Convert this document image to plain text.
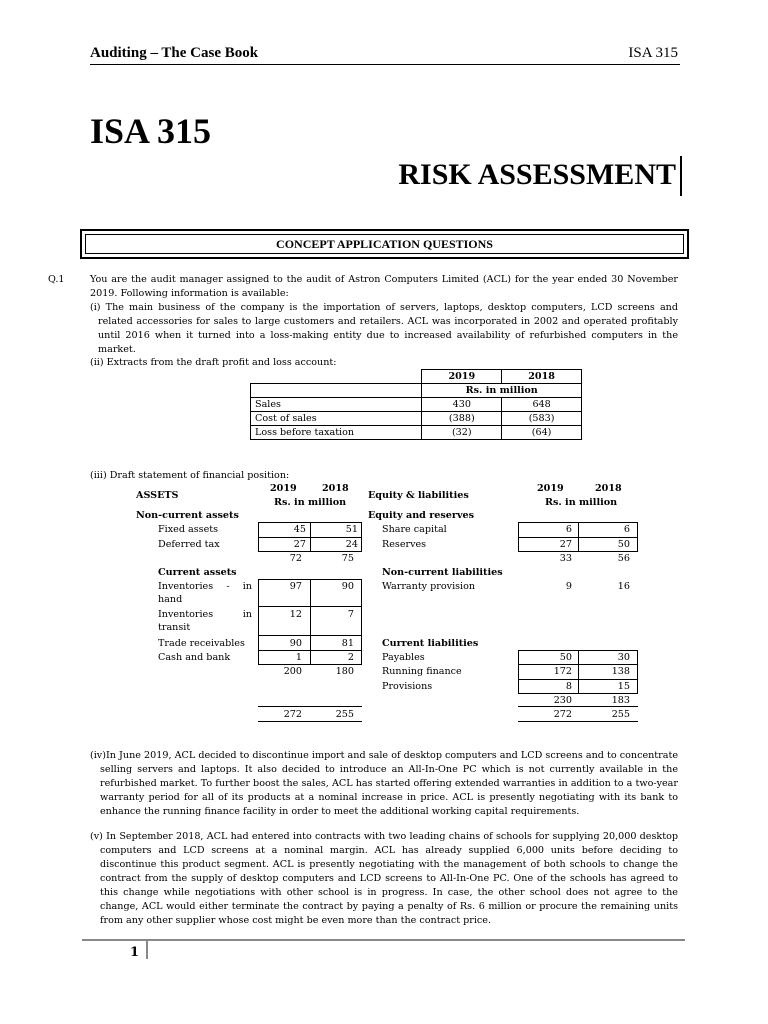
Auditing – The Case Book	ISA 315
ISA 315
RISK ASSESSMENT
CONCEPT APPLICATION QUESTIONS
Q.1	You are the audit manager assigned to the audit of Astron Computers Limited (ACL) for the year ended 30 November 2019. Following information is available:
(i) The main business of the company is the importation of servers, laptops, desktop computers, LCD screens and related accessories for sales to large customers and retailers. ACL was incorporated in 2002 and operated profitably until 2016 when it turned into a loss-making entity due to increased availability of refurbished computers in the market.
(ii) Extracts from the draft profit and loss account:
	2019	2018
	Rs. in million	
Sales	430	648
Cost of sales	(388)	(583)
Loss before taxation	(32)	(64)
(iii) Draft statement of financial position:
ASSETS
2019	2018
Rs. in million
Non-current assets
Fixed assets	45	51
Deferred tax	27	24
72	75
Current assets
Inventories - in hand
97	90
Inventories in transit
12	7
Trade receivables	90	81
Cash and bank	1	2
200	180
272	255
Equity & liabilities
2019	2018
Rs. in million
Equity and reserves
Share capital	6	6
Reserves	27	50
33	56
Non-current liabilities
Warranty provision	9	16
Current liabilities
Payables	50	30
Running finance	172	138
Provisions	8	15
230	183
272	255
(iv)In June 2019, ACL decided to discontinue import and sale of desktop computers and LCD screens and to concentrate selling servers and laptops. It also decided to introduce an All-In-One PC which is not currently available in the refurbished market. To further boost the sales, ACL has started offering extended warranties in addition to a two-year warranty period for all of its products at a nominal increase in price. ACL is presently negotiating with its bank to enhance the running finance facility in order to meet the additional working capital requirements.
(v) In September 2018, ACL had entered into contracts with two leading chains of schools for supplying 20,000 desktop computers and LCD screens at a nominal margin. ACL has already supplied 6,000 units before deciding to discontinue this product segment. ACL is presently negotiating with the management of both schools to change the contract from the supply of desktop computers and LCD screens to All-In-One PC. One of the schools has agreed to this change while negotiations with other school is in progress. In case, the other school does not agree to the change, ACL would either terminate the contract by paying a penalty of Rs. 6 million or procure the remaining units from any other supplier whose cost might be even more than the contract price.
1
